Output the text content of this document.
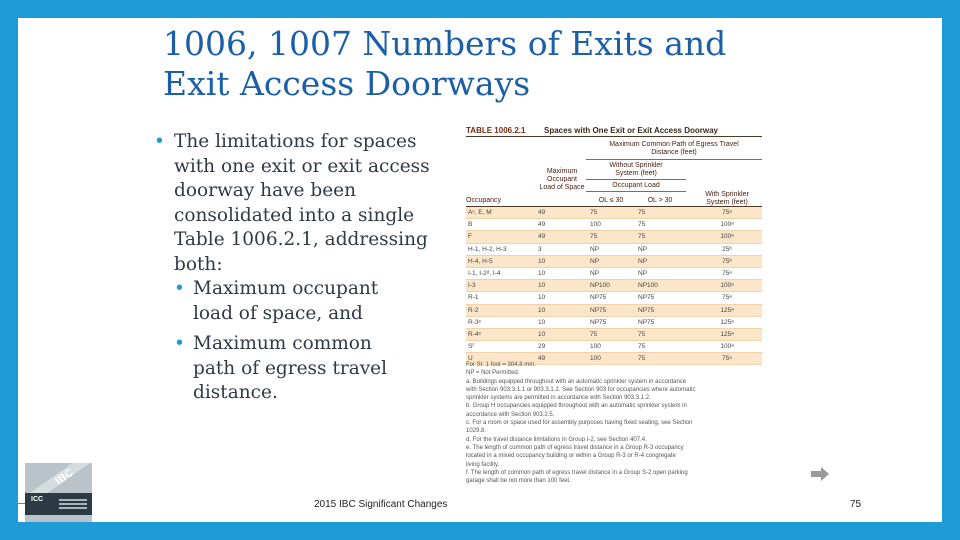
1006, 1007 Numbers of Exits and
Exit Access Doorways
• The limitations for spaces
with one exit or exit access
doorway have been
consolidated into a single
Table 1006.2.1, addressing
both:
• Maximum occupant
load of space, and
• Maximum common
path of egress travel
distance.
TABLE 1006.2.1	Spaces with One Exit or Exit Access Doorway
Maximum Common Path of Egress Travel
Distance (feet)
Without Sprinkler
System (feet)
Maximum
Occupant
Load of Space	Occupant Load
Occupancy	OL ≤ 30	OL > 30
With Sprinkler
System (feet)
Aᶜ, E, M	49	75	75	75ᵃ
B	49	100	75	100ᵃ
F	49	75	75	100ᵃ
H-1, H-2, H-3	3	NP	NP	25ᵇ
H-4, H-5	10	NP	NP	75ᵇ
I-1, I-2ᵈ, I-4	10	NP	NP	75ᵃ
I-3	10	NP100	NP100	100ᵃ
R-1	10	NP75	NP75	75ᵃ
R-2	10	NP75	NP75	125ᵃ
R-3ᵉ	10	NP75	NP75	125ᵃ
R-4ᵉ	10	75	75	125ᵃ
Sᶠ	29	100	75	100ᵃ
U	49	100	75	75ᵃ
For SI: 1 foot = 304.8 mm.
NP = Not Permitted.
a. Buildings equipped throughout with an automatic sprinkler system in accordance
with Section 903.3.1.1 or 903.3.1.2. See Section 903 for occupancies where automatic
sprinkler systems are permitted in accordance with Section 903.3.1.2.
b. Group H occupancies equipped throughout with an automatic sprinkler system in
accordance with Section 903.2.5.
c. For a room or space used for assembly purposes having fixed seating, see Section
1029.8.
d. For the travel distance limitations in Group I-2, see Section 407.4.
e. The length of common path of egress travel distance in a Group R-3 occupancy
located in a mixed occupancy building or within a Group R-3 or R-4 congregate
living facility.
f. The length of common path of egress travel distance in a Group S-2 open parking
garage shall be not more than 100 feet.
IBC
ICC	2015 IBC Significant Changes	75
